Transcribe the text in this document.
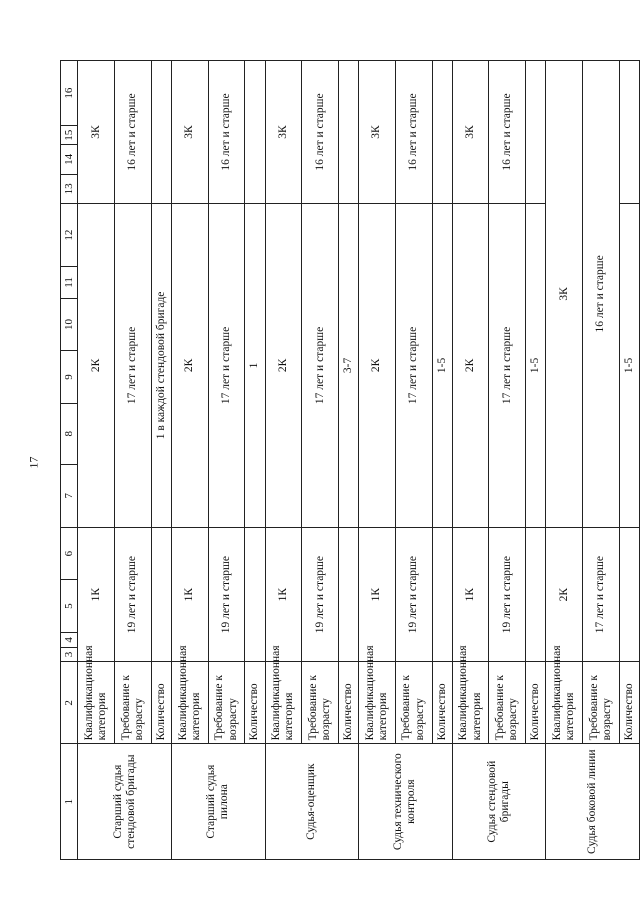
17
1	2	3	4	5	6	7	8	9	10	11	12	13	14	15	16
Старший судья стендовой бригады	Квалификационная категория	1К				2К						3К			
	Требование к возрасту	19 лет и старше				17 лет и старше						16 лет и старше			
	Количество					1 в каждой стендовой бригаде									
Старший судья пилона	Квалификационная категория	1К				2К						3К			
	Требование к возрасту	19 лет и старше				17 лет и старше						16 лет и старше			
	Количество					1									
Судья-оценщик	Квалификационная категория	1К				2К						3К			
	Требование к возрасту	19 лет и старше				17 лет и старше						16 лет и старше			
	Количество					3-7									
Судья технического контроля	Квалификационная категория	1К				2К						3К			
	Требование к возрасту	19 лет и старше				17 лет и старше						16 лет и старше			
	Количество					1-5									
Судья стендовой бригады	Квалификационная категория	1К				2К						3К			
	Требование к возрасту	19 лет и старше				17 лет и старше						16 лет и старше			
	Количество					1-5									
Судья боковой линии	Квалификационная категория	2К				3К									
	Требование к возрасту	17 лет и старше				16 лет и старше									
	Количество					1-5									
